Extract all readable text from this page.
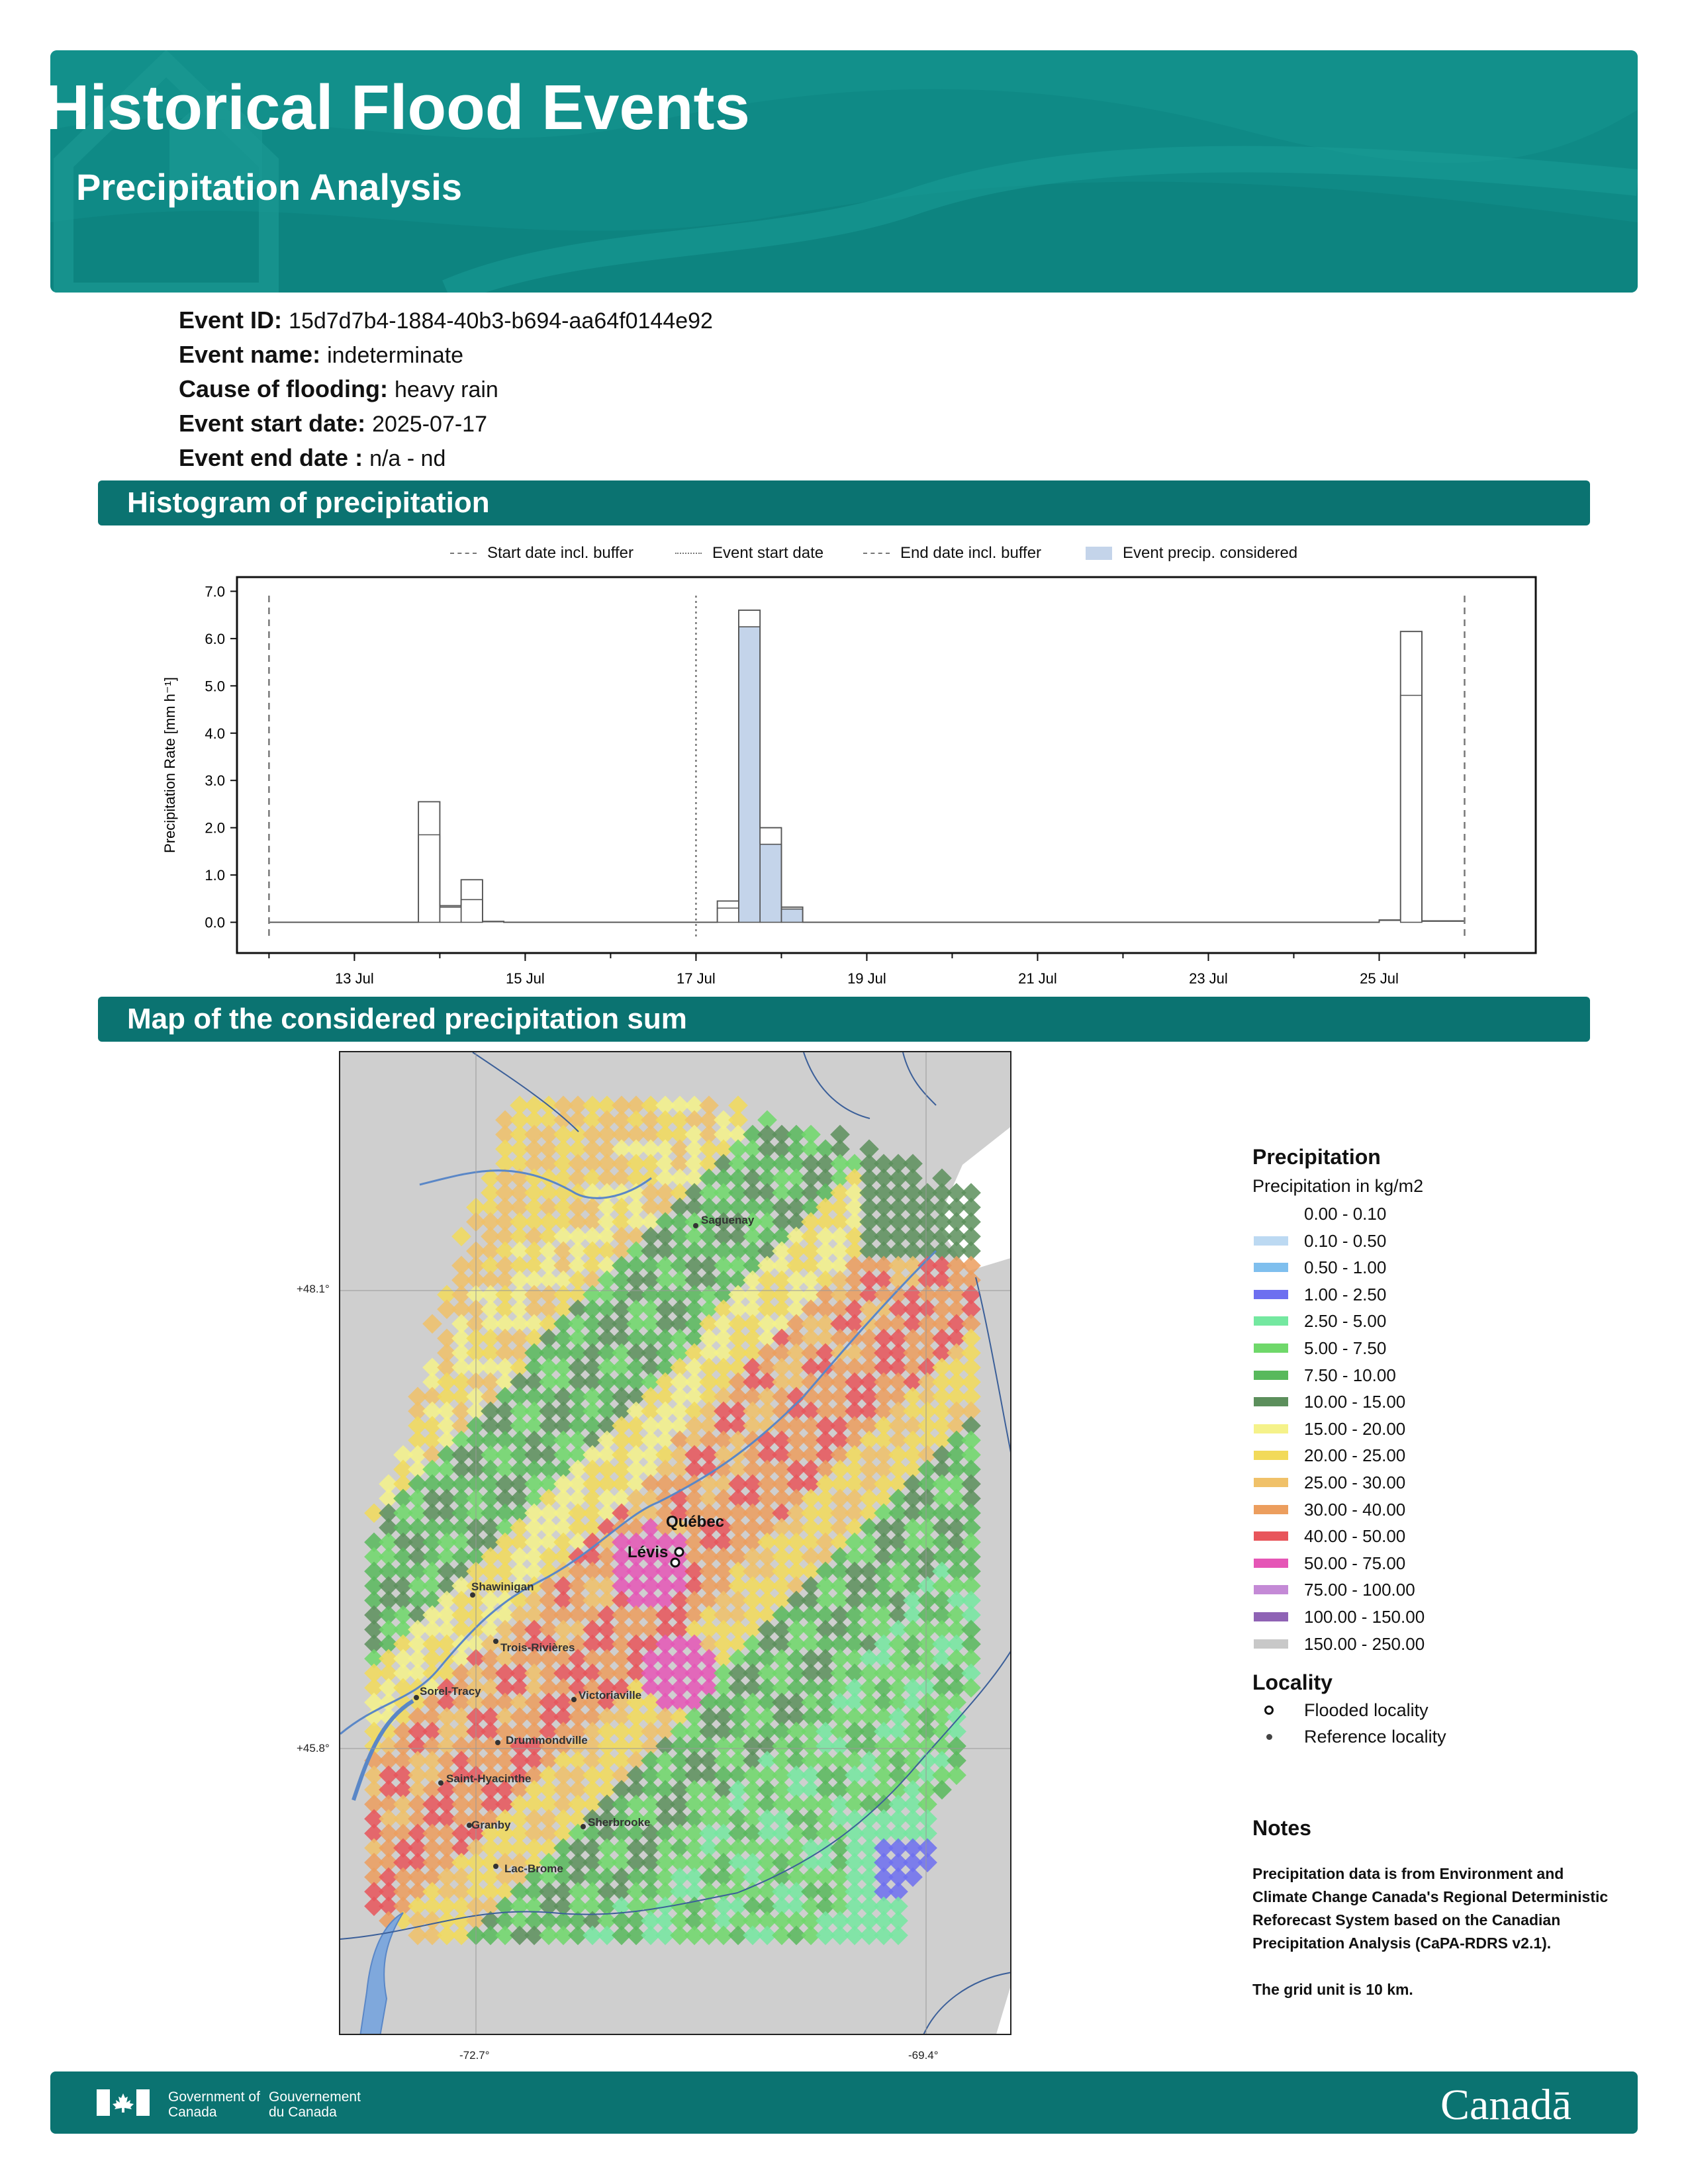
Historical Flood Events
Precipitation Analysis
Event ID: 15d7d7b4-1884-40b3-b694-aa64f0144e92
Event name: indeterminate
Cause of flooding: heavy rain
Event start date: 2025-07-17
Event end date : n/a - nd
Histogram of precipitation
Start date incl. buffer	Event start date	End date incl. buffer	Event precip. considered
0.0
1.0
2.0
3.0
4.0
5.0
6.0
7.0
Precipitation Rate [mm h⁻¹]
13 Jul	15 Jul	17 Jul	19 Jul	21 Jul	23 Jul	25 Jul
Map of the considered precipitation sum
+48.1°
+45.8°
-72.7°	-69.4°
Saguenay
Québec
Lévis
Shawinigan
Trois-Rivières
Sorel-Tracy	Victoriaville
Drummondville
Saint-Hyacinthe
Granby	Sherbrooke
Lac-Brome
Precipitation
Precipitation in kg/m2
0.00 - 0.10
0.10 - 0.50
0.50 - 1.00
1.00 - 2.50
2.50 - 5.00
5.00 - 7.50
7.50 - 10.00
10.00 - 15.00
15.00 - 20.00
20.00 - 25.00
25.00 - 30.00
30.00 - 40.00
40.00 - 50.00
50.00 - 75.00
75.00 - 100.00
100.00 - 150.00
150.00 - 250.00
Locality
Flooded locality
Reference locality
Notes

Precipitation data is from Environment and Climate Change Canada's Regional Deterministic Reforecast System based on the Canadian Precipitation Analysis (CaPA-RDRS v2.1).

The grid unit is 10 km.

Government of Canada
Gouvernement du Canada	Canadā
